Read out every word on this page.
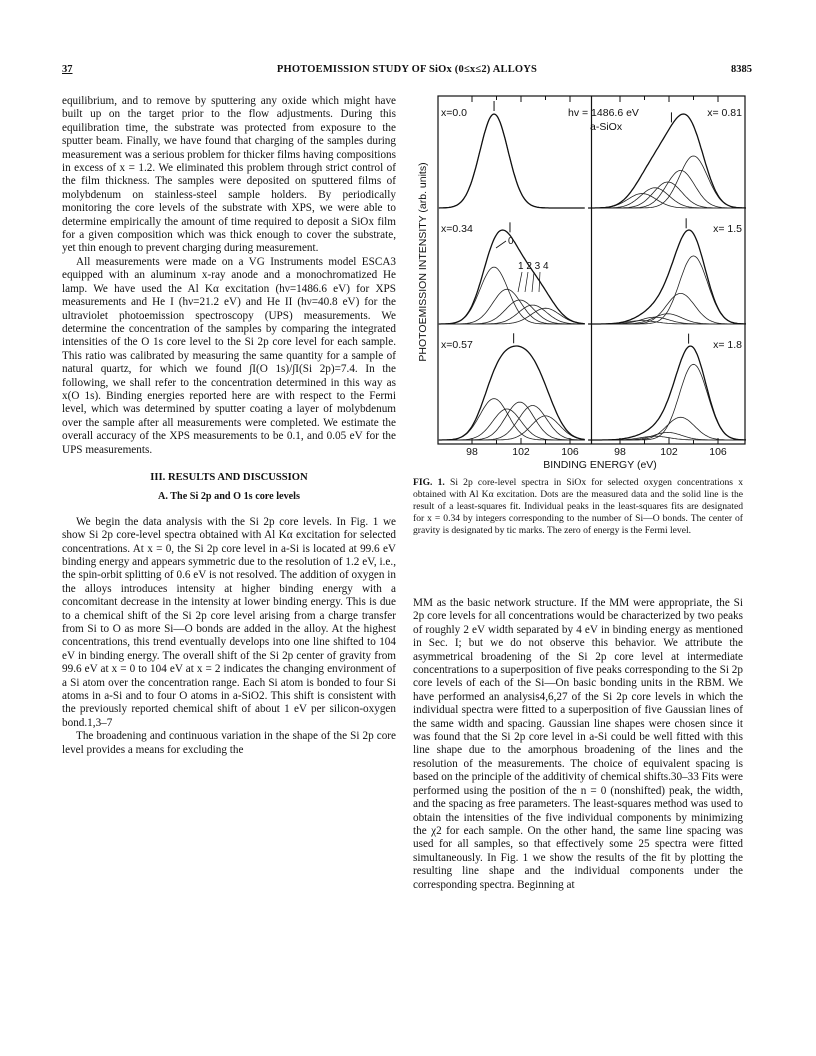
37	PHOTOEMISSION STUDY OF SiOx (0≤x≤2) ALLOYS	8385

equilibrium, and to remove by sputtering any oxide which might have built up on the target prior to the flow adjustments. During this equilibration time, the substrate was protected from exposure to the sputter beam. Finally, we have found that charging of the samples during measurement was a serious problem for thicker films having compositions in excess of x = 1.2. We eliminated this problem through strict control of the film thickness. The samples were deposited on sputtered films of molybdenum on stainless-steel sample holders. By periodically monitoring the core levels of the substrate with XPS, we were able to determine empirically the amount of time required to deposit a SiOx film for a given composition which was thick enough to cover the substrate, yet thin enough to prevent charging during measurement.

All measurements were made on a VG Instruments model ESCA3 equipped with an aluminum x-ray anode and a monochromatized He lamp. We have used the Al Kα excitation (hν=1486.6 eV) for XPS measurements and He I (hν=21.2 eV) and He II (hν=40.8 eV) for the ultraviolet photoemission spectroscopy (UPS) measurements. We determine the concentration of the samples by comparing the integrated intensities of the O 1s core level to the Si 2p core level for each sample. This ratio was calibrated by measuring the same quantity for a sample of natural quartz, for which we found ∫I(O 1s)/∫I(Si 2p)=7.4. In the following, we shall refer to the concentration determined in this way as x(O 1s). Binding energies reported here are with respect to the Fermi level, which was determined by sputter coating a layer of molybdenum over the sample after all measurements were completed. We estimate the overall accuracy of the XPS measurements to be 0.1, and 0.05 eV for the UPS measurements.

III. RESULTS AND DISCUSSION
A. The Si 2p and O 1s core levels

We begin the data analysis with the Si 2p core levels. In Fig. 1 we show Si 2p core-level spectra obtained with Al Kα excitation for selected concentrations. At x = 0, the Si 2p core level in a-Si is located at 99.6 eV binding energy and appears symmetric due to the resolution of 1.2 eV, i.e., the spin-orbit splitting of 0.6 eV is not resolved. The addition of oxygen in the alloys introduces intensity at higher binding energy with a concomitant decrease in the intensity at lower binding energy. This is due to a chemical shift of the Si 2p core level arising from a charge transfer from Si to O as more Si—O bonds are added in the alloy. At the highest concentrations, this trend eventually develops into one line shifted to 104 eV in binding energy. The overall shift of the Si 2p center of gravity from 99.6 eV at x = 0 to 104 eV at x = 2 indicates the changing environment of a Si atom over the concentration range. Each Si atom is bonded to four Si atoms in a-Si and to four O atoms in a-SiO2. This shift is consistent with the previously reported chemical shift of about 1 eV per silicon-oxygen bond.1,3–7

The broadening and continuous variation in the shape of the Si 2p core level provides a means for excluding the

PHOTOEMISSION INTENSITY (arb. units)
BINDING ENERGY (eV)
98	102	106	98	102	106
x=0.0	x= 0.81
x=0.34	x= 1.5
x=0.57	x= 1.8
hv = 1486.6 eV
a-SiOx
0
1 2 3 4
FIG. 1. Si 2p core-level spectra in SiOx for selected oxygen concentrations x obtained with Al Kα excitation. Dots are the measured data and the solid line is the result of a least-squares fit. Individual peaks in the least-squares fits are designated for x = 0.34 by integers corresponding to the number of Si—O bonds. The center of gravity is designated by tic marks. The zero of energy is the Fermi level.

MM as the basic network structure. If the MM were appropriate, the Si 2p core levels for all concentrations would be characterized by two peaks of roughly 2 eV width separated by 4 eV in binding energy as mentioned in Sec. I; but we do not observe this behavior. We attribute the asymmetrical broadening of the Si 2p core level at intermediate concentrations to a superposition of five peaks corresponding to the Si 2p core levels of each of the Si—On basic bonding units in the RBM. We have performed an analysis4,6,27 of the Si 2p core levels in which the individual spectra were fitted to a superposition of five Gaussian lines of the same width and spacing. Gaussian line shapes were chosen since it was found that the Si 2p core level in a-Si could be well fitted with this line shape due to the amorphous broadening of the lines and the resolution of the measurements. The choice of equivalent spacing is based on the principle of the additivity of chemical shifts.30–33 Fits were performed using the position of the n = 0 (nonshifted) peak, the width, and the spacing as free parameters. The least-squares method was used to obtain the intensities of the five individual components by minimizing the χ2 for each sample. On the other hand, the same line spacing was used for all samples, so that effectively some 25 spectra were fitted simultaneously. In Fig. 1 we show the results of the fit by plotting the resulting line shape and the individual components under the corresponding spectra. Beginning at
